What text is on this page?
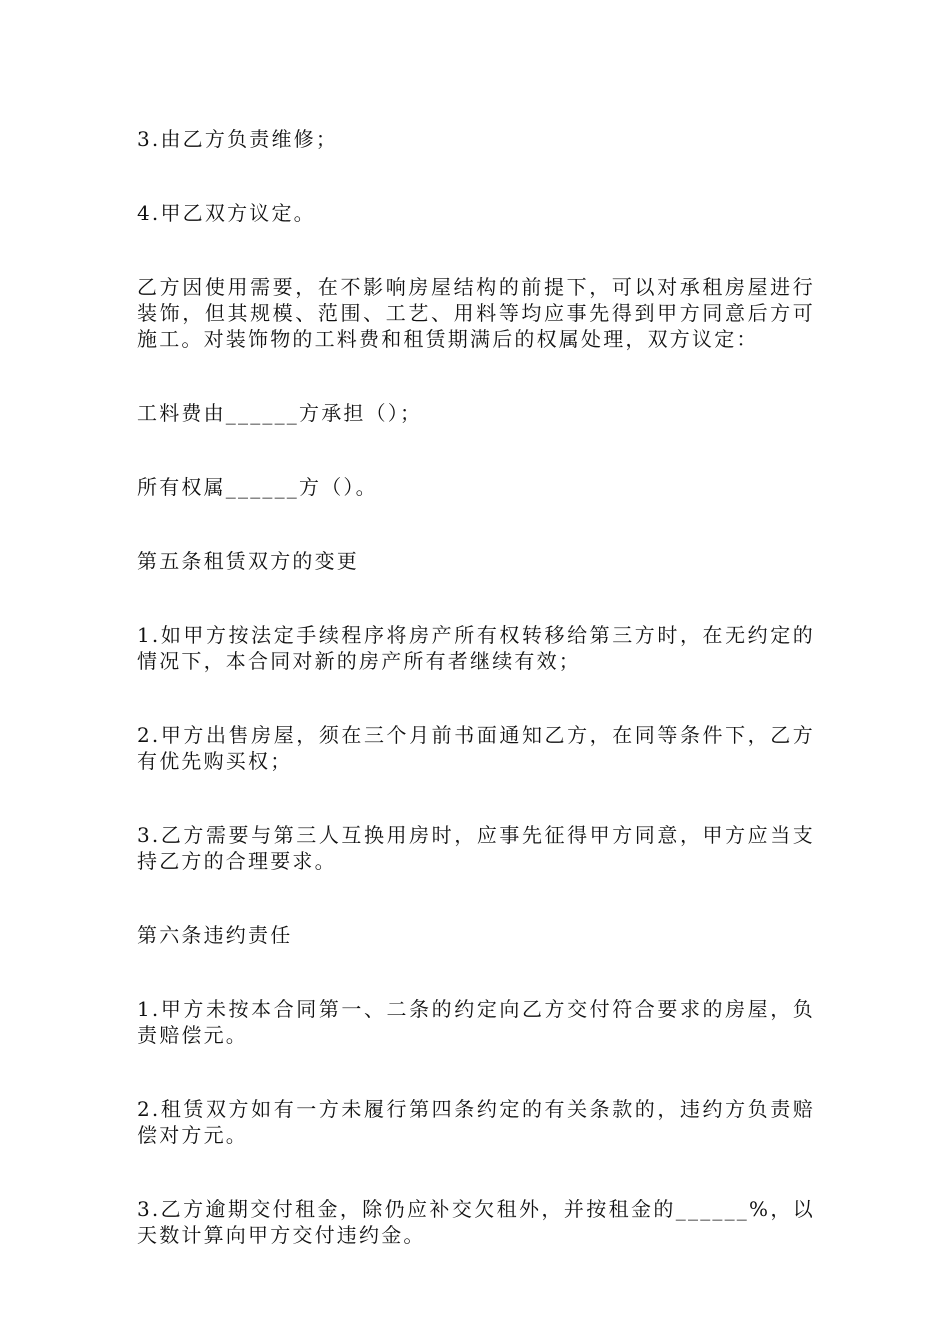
3.由乙方负责维修；
4.甲乙双方议定。
乙方因使用需要，在不影响房屋结构的前提下，可以对承租房屋进行装饰，但其规模、范围、工艺、用料等均应事先得到甲方同意后方可施工。对装饰物的工料费和租赁期满后的权属处理，双方议定：
工料费由______方承担（）；
所有权属______方（）。
第五条租赁双方的变更
1.如甲方按法定手续程序将房产所有权转移给第三方时，在无约定的情况下，本合同对新的房产所有者继续有效；
2.甲方出售房屋，须在三个月前书面通知乙方，在同等条件下，乙方有优先购买权；
3.乙方需要与第三人互换用房时，应事先征得甲方同意，甲方应当支持乙方的合理要求。
第六条违约责任
1.甲方未按本合同第一、二条的约定向乙方交付符合要求的房屋，负责赔偿元。
2.租赁双方如有一方未履行第四条约定的有关条款的，违约方负责赔偿对方元。
3.乙方逾期交付租金，除仍应补交欠租外，并按租金的______%，以天数计算向甲方交付违约金。
